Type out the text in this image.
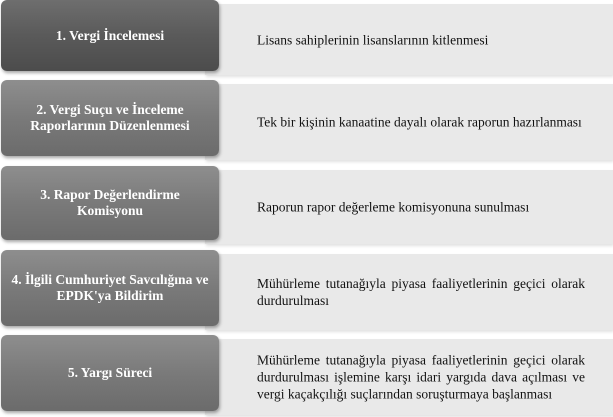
Lisans sahiplerinin lisanslarının kitlenmesi
1. Vergi İncelemesi
Tek bir kişinin kanaatine dayalı olarak raporun hazırlanması
2. Vergi Suçu ve İnceleme Raporlarının Düzenlenmesi
Raporun rapor değerleme komisyonuna sunulması
3. Rapor Değerlendirme Komisyonu
Mühürleme tutanağıyla piyasa faaliyetlerinin geçici olarak durdurulması
4. İlgili Cumhuriyet Savcılığına ve EPDK'ya Bildirim
Mühürleme tutanağıyla piyasa faaliyetlerinin geçici olarak durdurulması işlemine karşı idari yargıda dava açılması ve vergi kaçakçılığı suçlarından soruşturmaya başlanması
5. Yargı Süreci
